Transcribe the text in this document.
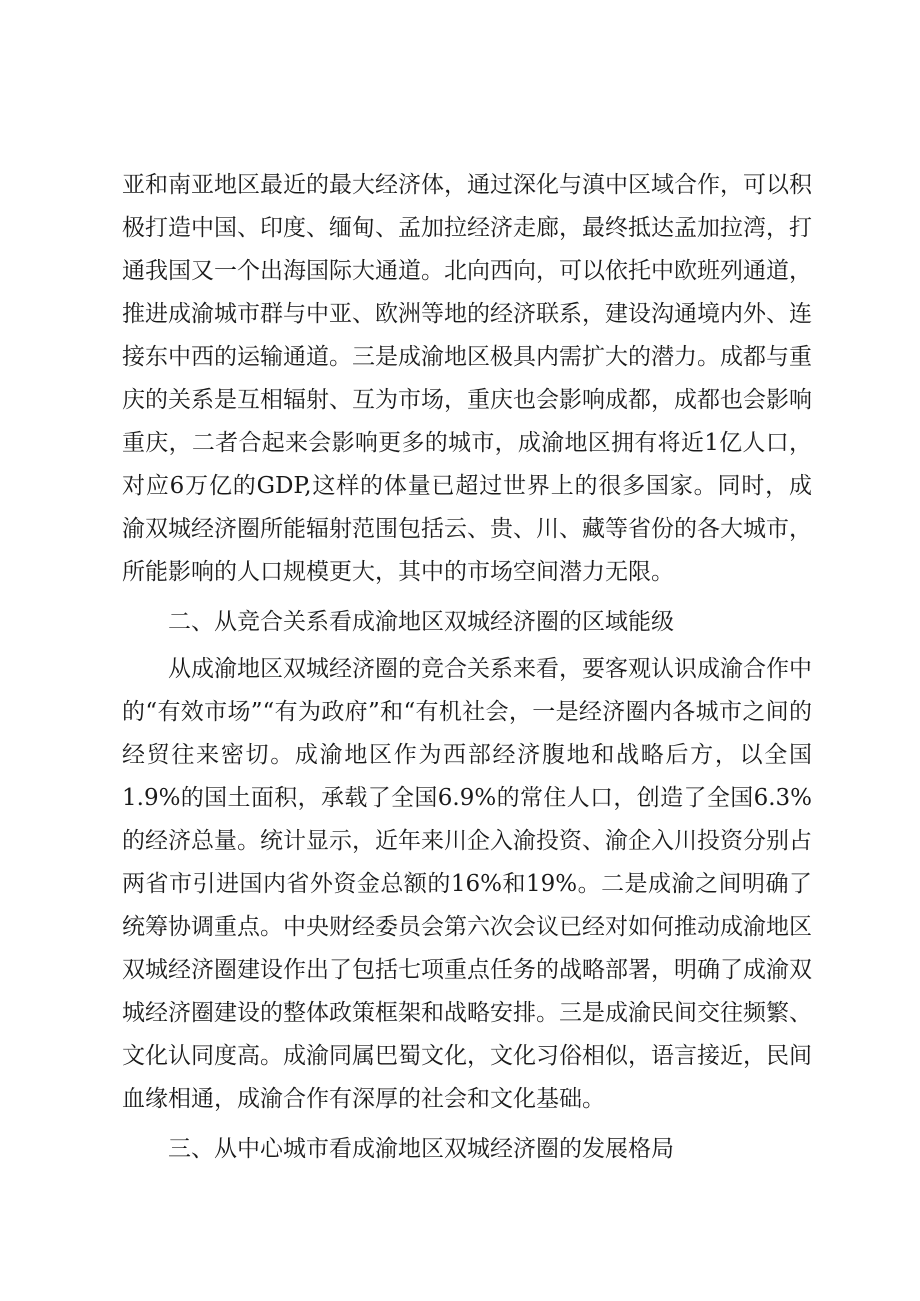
亚和南亚地区最近的最大经济体，通过深化与滇中区域合作，可以积极打造中国、印度、缅甸、孟加拉经济走廊，最终抵达孟加拉湾，打通我国又一个出海国际大通道。北向西向，可以依托中欧班列通道，推进成渝城市群与中亚、欧洲等地的经济联系，建设沟通境内外、连接东中西的运输通道。三是成渝地区极具内需扩大的潜力。成都与重庆的关系是互相辐射、互为市场，重庆也会影响成都，成都也会影响重庆，二者合起来会影响更多的城市，成渝地区拥有将近1亿人口，对应6万亿的GDP,这样的体量已超过世界上的很多国家。同时，成渝双城经济圈所能辐射范围包括云、贵、川、藏等省份的各大城市，所能影响的人口规模更大，其中的市场空间潜力无限。

二、从竞合关系看成渝地区双城经济圈的区域能级

从成渝地区双城经济圈的竞合关系来看，要客观认识成渝合作中的“有效市场”“有为政府”和“有机社会，一是经济圈内各城市之间的经贸往来密切。成渝地区作为西部经济腹地和战略后方，以全国1.9%的国土面积，承载了全国6.9%的常住人口，创造了全国6.3%的经济总量。统计显示，近年来川企入渝投资、渝企入川投资分别占两省市引进国内省外资金总额的16%和19%。二是成渝之间明确了统筹协调重点。中央财经委员会第六次会议已经对如何推动成渝地区双城经济圈建设作出了包括七项重点任务的战略部署，明确了成渝双城经济圈建设的整体政策框架和战略安排。三是成渝民间交往频繁、文化认同度高。成渝同属巴蜀文化，文化习俗相似，语言接近，民间血缘相通，成渝合作有深厚的社会和文化基础。

三、从中心城市看成渝地区双城经济圈的发展格局
